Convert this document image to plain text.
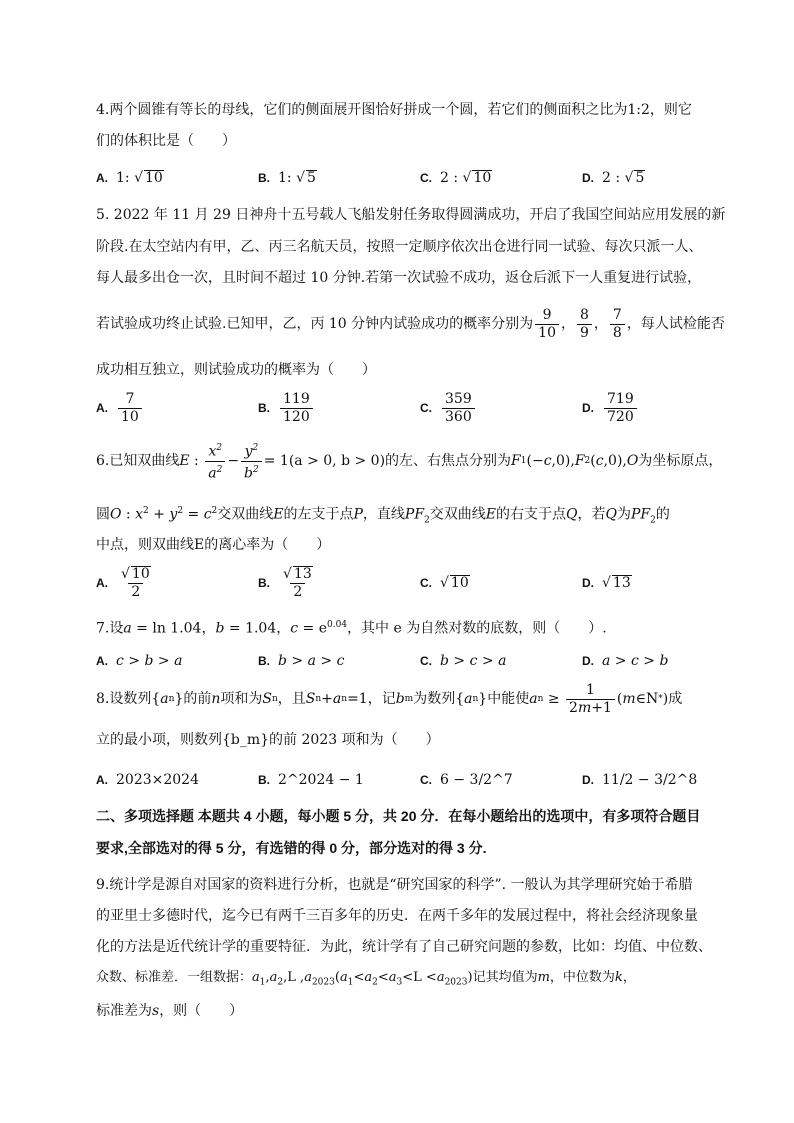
4.两个圆锥有等长的母线，它们的侧面展开图恰好拼成一个圆，若它们的侧面积之比为1:2，则它
们的体积比是（　　）
A. 1: √ 10	B. 1: √ 5	C. 2 : √ 10	D. 2 : √ 5
5. 2022 年 11 月 29 日神舟十五号载人飞船发射任务取得圆满成功，开启了我国空间站应用发展的新
阶段.在太空站内有甲，乙、丙三名航天员，按照一定顺序依次出仓进行同一试验、每次只派一人、
每人最多出仓一次，且时间不超过 10 分钟.若第一次试验不成功，返仓后派下一人重复进行试验，
若试验成功终止试验.已知甲，乙，丙 10 分钟内试验成功的概率分别为 $\frac{9}{10}$ ， $\frac{8}{9}$ ， $\frac{7}{8}$ ，每人试检能否
成功相互独立，则试验成功的概率为（　　）
A. $\frac{7}{10}$	B. $\frac{119}{120}$	C. $\frac{359}{360}$	D. $\frac{719}{720}$
6.已知双曲线 E : $\frac{x^2}{a^2} - \frac{y^2}{b^2} = 1(a > 0$, b > 0) 的左、右焦点分别为 F 1 (− c ,0), F 2 ( c ,0), O 为坐标原点，
圆O : $x^2 + y^2 = c^2$交双曲线E的左支于点P，直线$PF_2$交双曲线E的右支于点Q，若Q为$PF_2$的
中点，则双曲线E的离心率为（　　）
A. $\frac{√ 10}{2}$	B. $\frac{√ 13}{2}$	C. √ 10	D. √ 13
7.设a = ln 1.04，b = 1.04，$c = e^{0.04}$，其中 e 为自然对数的底数，则（　　）.
A. c > b > a	B. b > a > c	C. b > c > a	D. a > c > b
8.设数列 { a n } 的前 n 项和为 S n ，且 S n + a n =1 ，记 b m 为数列 { a n } 中能使 a $n \ge \frac{1}{2m+1}$ ( m ∈N * ) 成
立的最小项，则数列{b_m}的前 2023 项和为（　　）
A. 2023×2024	B. 2^2024 − 1	C. 6 − 3/2^7	D. 11/2 − 3/2^8
二、多项选择题 本题共 4 小题，每小题 5 分，共 20 分．在每小题给出的选项中，有多项符合题目
要求,全部选对的得 5 分，有选错的得 0 分，部分选对的得 3 分.
9.统计学是源自对国家的资料进行分析，也就是“研究国家的科学”. 一般认为其学理研究始于希腊
的亚里士多德时代，迄今已有两千三百多年的历史．在两千多年的发展过程中，将社会经济现象量
化的方法是近代统计学的重要特征．为此，统计学有了自己研究问题的参数，比如：均值、中位数、
众数、标准差．一组数据：$a_1,a_2,L$ $,a_{2023}(a_1<a_2<a_3<L <a_{2023})$记其均值为m，中位数为k，
标准差为s，则（　　）
